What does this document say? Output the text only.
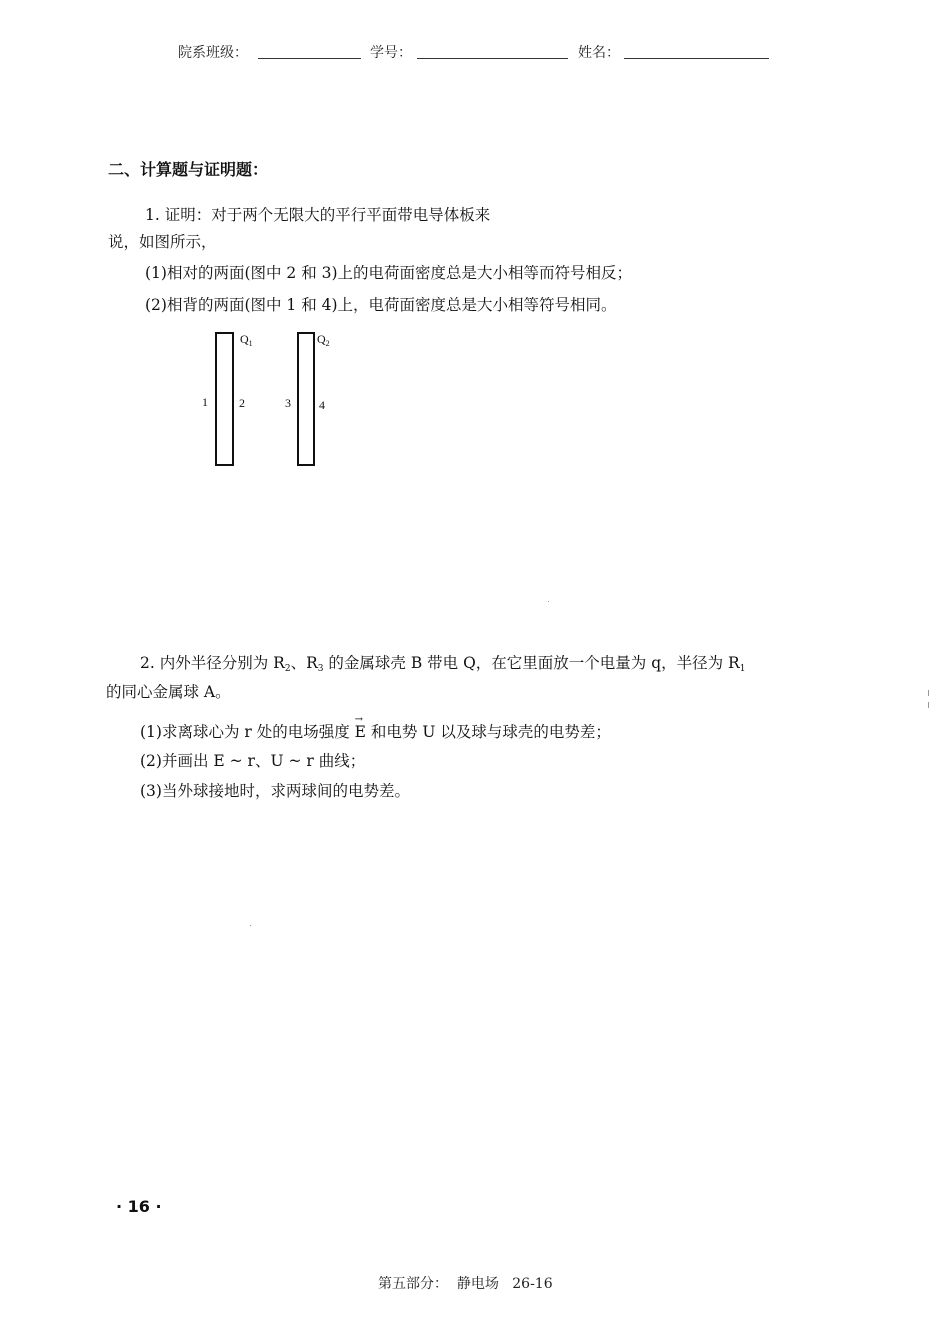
院系班级：	学号：	姓名：
二、计算题与证明题：
1. 证明：对于两个无限大的平行平面带电导体板来
说，如图所示，
(1)相对的两面(图中 2 和 3)上的电荷面密度总是大小相等而符号相反；
(2)相背的两面(图中 1 和 4)上，电荷面密度总是大小相等符号相同。
$Q_1$	$Q_2$
1	2	3 4
2. 内外半径分别为 $R_2$、$R_3$ 的金属球壳 B 带电 Q，在它里面放一个电量为 q，半径为 $R_1$
的同心金属球 A。
(1)求离球心为 r 处的电场强度
→
E 和电势 U 以及球与球壳的电势差；
(2)并画出 E ~ r、U ~ r 曲线；
(3)当外球接地时，求两球间的电势差。
· 16 ·
第五部分：  静电场   26-16
